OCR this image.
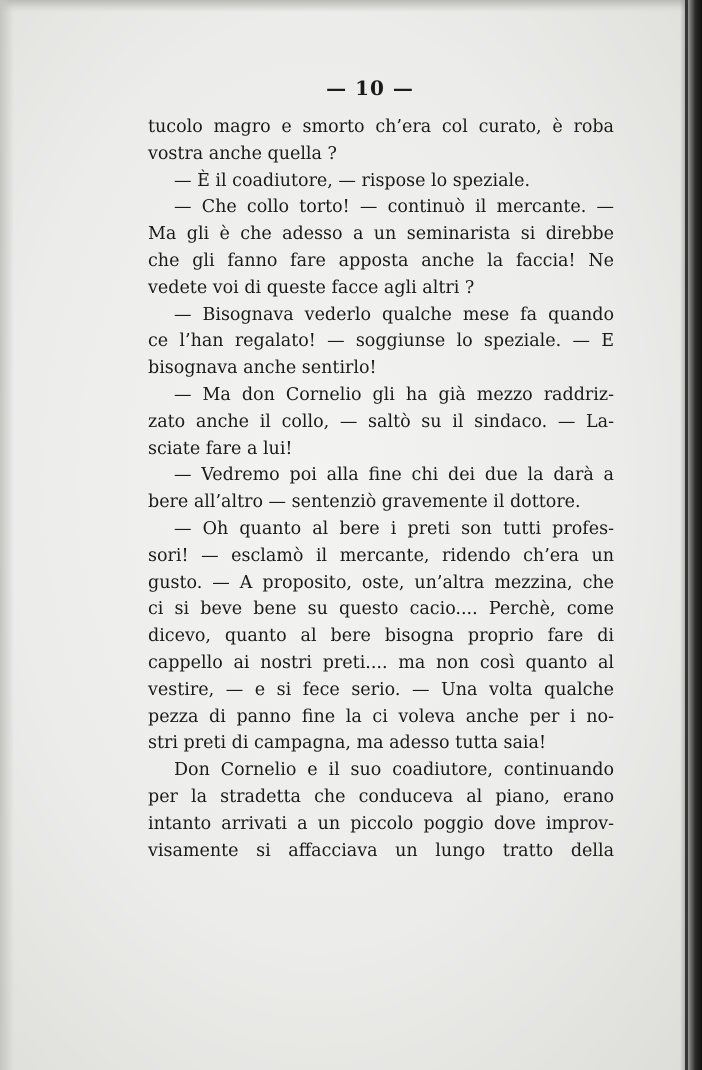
— 10 —
tucolo magro e smorto ch’era col curato, è roba
vostra anche quella ?
— È il coadiutore, — rispose lo speziale.
— Che collo torto! — continuò il mercante. —
Ma gli è che adesso a un seminarista si direbbe
che gli fanno fare apposta anche la faccia! Ne
vedete voi di queste facce agli altri ?
— Bisognava vederlo qualche mese fa quando
ce l’han regalato! — soggiunse lo speziale. — E
bisognava anche sentirlo!
— Ma don Cornelio gli ha già mezzo raddriz-
zato anche il collo, — saltò su il sindaco. — La-
sciate fare a lui!
— Vedremo poi alla fine chi dei due la darà a
bere all’altro — sentenziò gravemente il dottore.
— Oh quanto al bere i preti son tutti profes-
sori! — esclamò il mercante, ridendo ch’era un
gusto. — A proposito, oste, un’altra mezzina, che
ci si beve bene su questo cacio.... Perchè, come
dicevo, quanto al bere bisogna proprio fare di
cappello ai nostri preti.... ma non così quanto al
vestire, — e si fece serio. — Una volta qualche
pezza di panno fine la ci voleva anche per i no-
stri preti di campagna, ma adesso tutta saia!
Don Cornelio e il suo coadiutore, continuando
per la stradetta che conduceva al piano, erano
intanto arrivati a un piccolo poggio dove improv-
visamente si affacciava un lungo tratto della
